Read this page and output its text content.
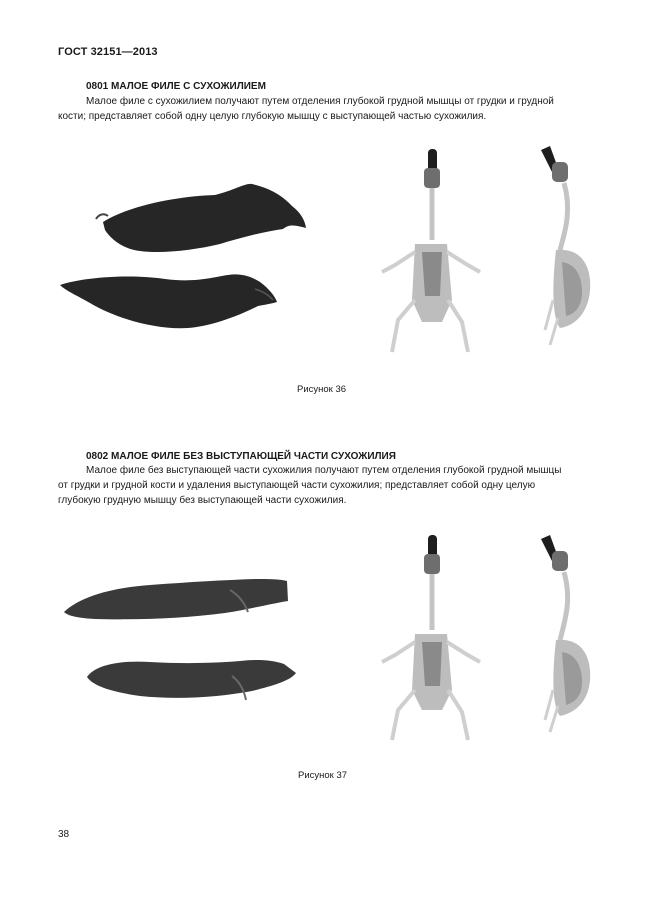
ГОСТ 32151—2013
0801 МАЛОЕ ФИЛЕ С СУХОЖИЛИЕМ
Малое филе с сухожилием получают путем отделения глубокой грудной мышцы от грудки и грудной
кости; представляет собой одну целую глубокую мышцу с выступающей частью сухожилия.
Рисунок 36
0802 МАЛОЕ ФИЛЕ БЕЗ ВЫСТУПАЮЩЕЙ ЧАСТИ СУХОЖИЛИЯ
Малое филе без выступающей части сухожилия получают путем отделения глубокой грудной мышцы
от грудки и грудной кости и удаления выступающей части сухожилия; представляет собой одну целую
глубокую грудную мышцу без выступающей части сухожилия.
Рисунок 37
38
